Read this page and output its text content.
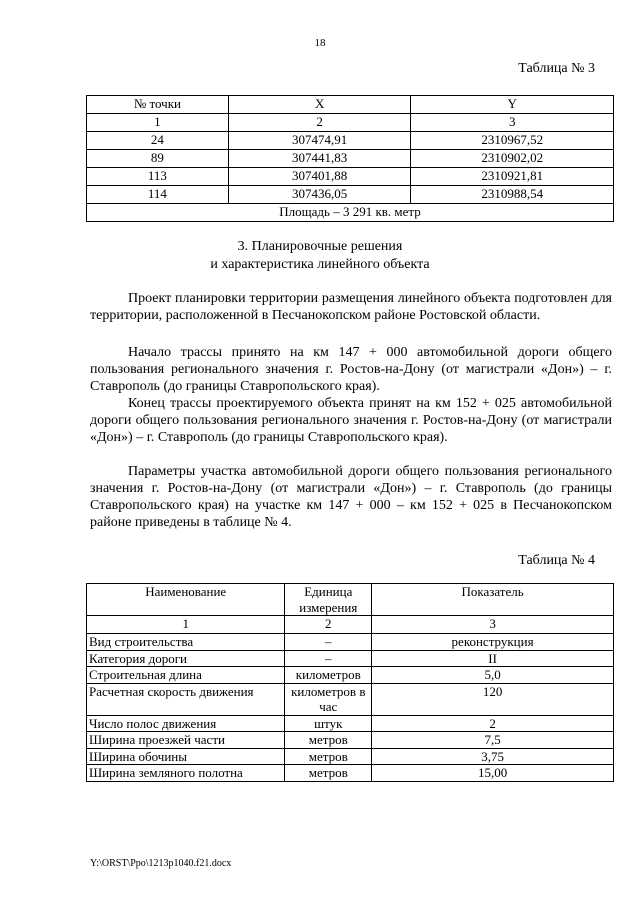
18
Таблица № 3
№ точки	X	Y
1	2	3
24	307474,91	2310967,52
89	307441,83	2310902,02
113	307401,88	2310921,81
114	307436,05	2310988,54
Площадь – 3 291 кв. метр		
3. Планировочные решения
и характеристика линейного объекта
Проект планировки территории размещения линейного объекта подготовлен для территории, расположенной в Песчанокопском районе Ростовской области.
Начало трассы принято на км 147 + 000 автомобильной дороги общего пользования регионального значения г. Ростов-на-Дону (от магистрали «Дон») – г. Ставрополь (до границы Ставропольского края).
Конец трассы проектируемого объекта принят на км 152 + 025 автомобильной дороги общего пользования регионального значения г. Ростов-на-Дону (от магистрали «Дон») – г. Ставрополь (до границы Ставропольского края).
Параметры участка автомобильной дороги общего пользования регионального значения г. Ростов-на-Дону (от магистрали «Дон») – г. Ставрополь (до границы Ставропольского края) на участке км 147 + 000 – км 152 + 025 в Песчанокопском районе приведены в таблице № 4.
Таблица № 4
Наименование	Единица измерения	Показатель
1	2	3
Вид строительства	–	реконструкция
Категория дороги	–	II
Строительная длина	километров	5,0
Расчетная скорость движения	километров в час	120
Число полос движения	штук	2
Ширина проезжей части	метров	7,5
Ширина обочины	метров	3,75
Ширина земляного полотна	метров	15,00
Y:\ORST\Ppo\1213p1040.f21.docx
